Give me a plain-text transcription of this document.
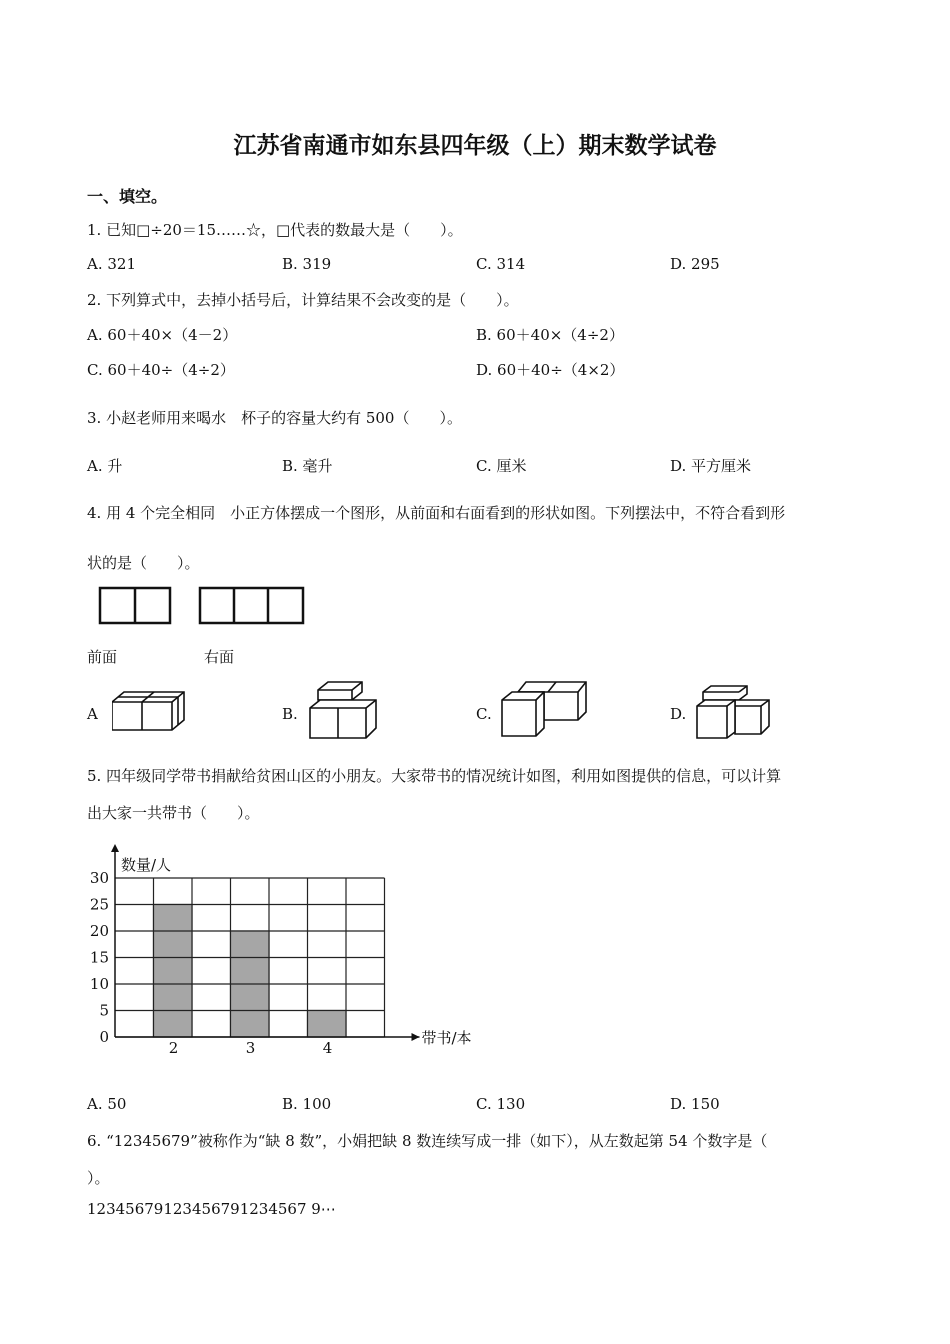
江苏省南通市如东县四年级（上）期末数学试卷
一、填空。
1. 已知□÷20＝15……☆，□代表的数最大是（　　）。
A. 321	B. 319	C. 314	D. 295
2. 下列算式中，去掉小括号后，计算结果不会改变的是（　　）。
A. 60＋40×（4－2）	B. 60＋40×（4÷2）
C. 60＋40÷（4÷2）	D. 60＋40÷（4×2）
3. 小赵老师用来喝水　杯子的容量大约有 500（　　）。
A. 升	B. 毫升	C. 厘米	D. 平方厘米
4. 用 4 个完全相同　小正方体摆成一个图形，从前面和右面看到的形状如图。下列摆法中，不符合看到形
状的是（　　）。
前面	右面
A	B.	C.	D.
5. 四年级同学带书捐献给贫困山区的小朋友。大家带书的情况统计如图，利用如图提供的信息，可以计算
出大家一共带书（　　）。
2	3	4
0
5
10
15
20
25
30
数量/人
带书/本
A. 50	B. 100	C. 130	D. 150
6. “12345679”被称作为“缺 8 数”，小娟把缺 8 数连续写成一排（如下），从左数起第 54 个数字是（
）。
12345679123456791234567 9⋯
